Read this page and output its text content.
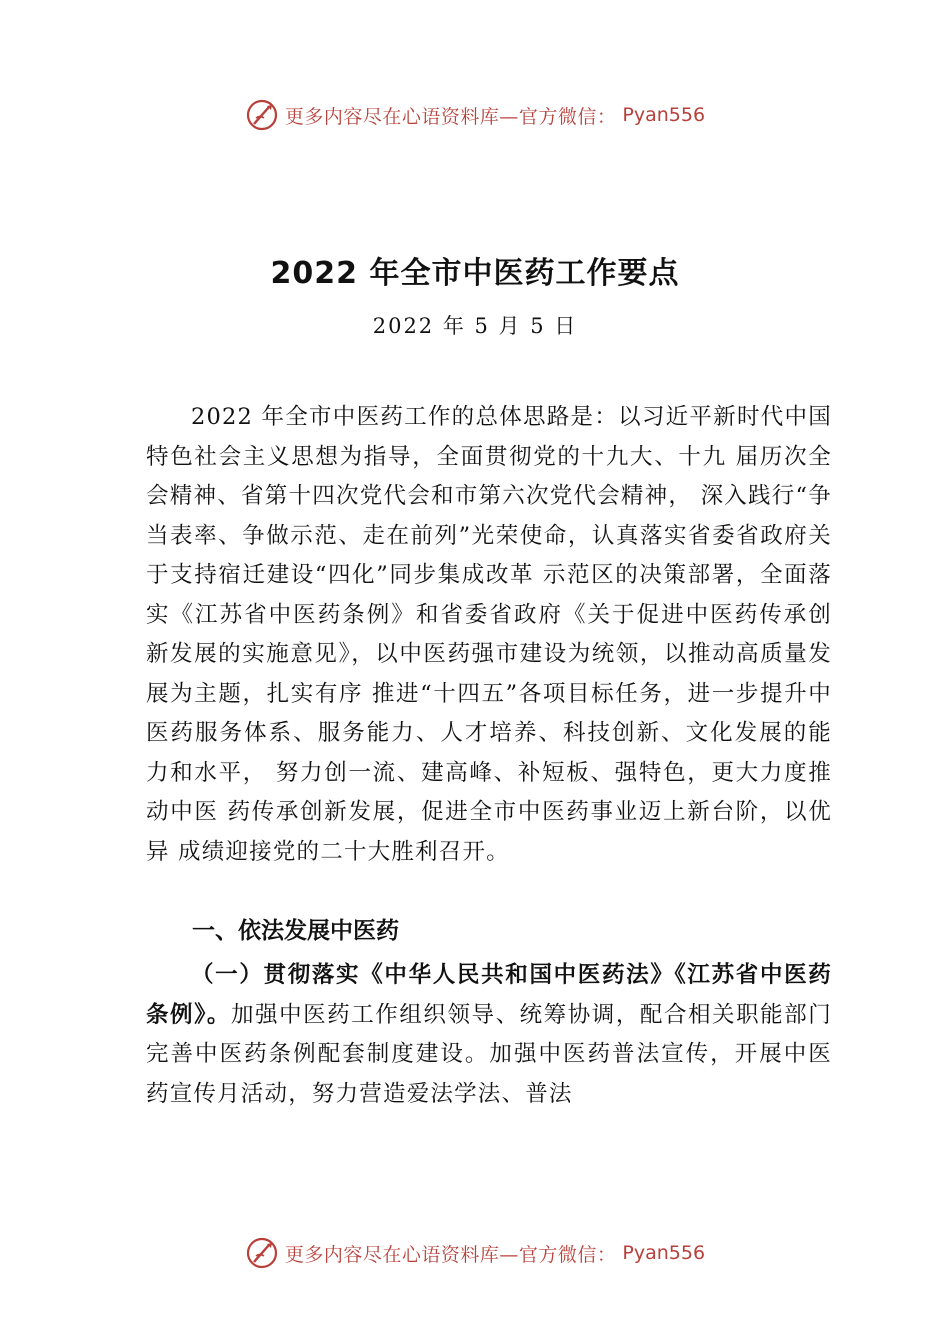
更多内容尽在心语资料库—官方微信： Pyan556
2022 年全市中医药工作要点
2022 年 5 月 5 日

2022 年全市中医药工作的总体思路是：以习近平新时代中国特色社会主义思想为指导，全面贯彻党的十九大、十九 届历次全会精神、省第十四次党代会和市第六次党代会精神， 深入践行“争当表率、争做示范、走在前列”光荣使命，认真落实省委省政府关于支持宿迁建设“四化”同步集成改革 示范区的决策部署，全面落实《江苏省中医药条例》和省委省政府《关于促进中医药传承创新发展的实施意见》，以中医药强市建设为统领，以推动高质量发展为主题，扎实有序 推进“十四五”各项目标任务，进一步提升中医药服务体系、服务能力、人才培养、科技创新、文化发展的能力和水平， 努力创一流、建高峰、补短板、强特色，更大力度推动中医 药传承创新发展，促进全市中医药事业迈上新台阶，以优异 成绩迎接党的二十大胜利召开。

一、依法发展中医药

（一）贯彻落实《中华人民共和国中医药法》《江苏省中医药条例》。加强中医药工作组织领导、统筹协调，配合相关职能部门完善中医药条例配套制度建设。加强中医药普法宣传，开展中医药宣传月活动，努力营造爱法学法、普法

更多内容尽在心语资料库—官方微信： Pyan556
